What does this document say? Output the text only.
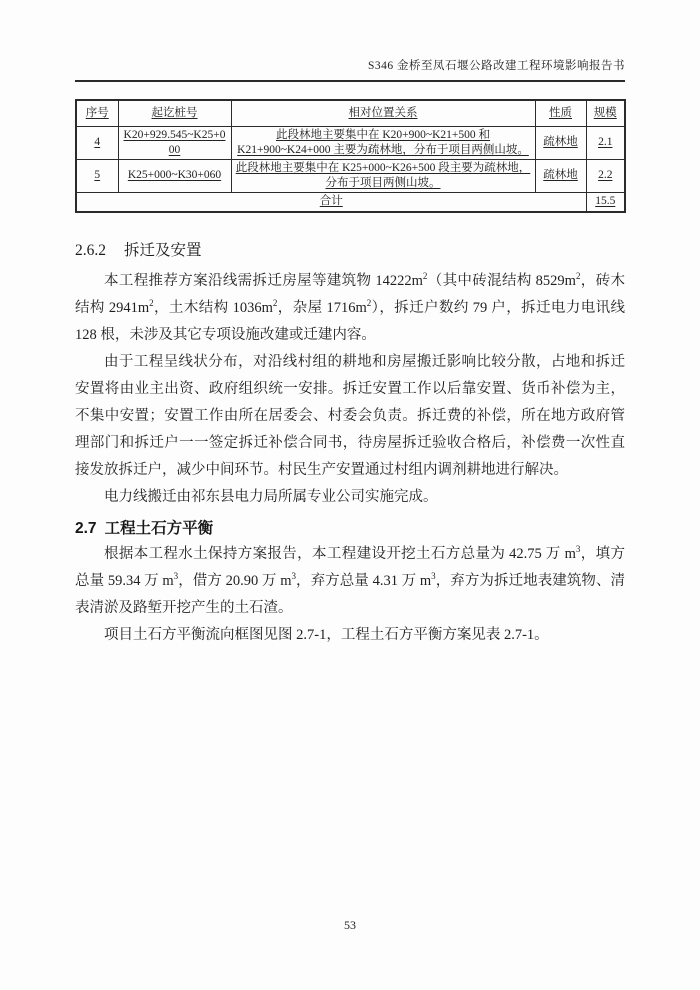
S346 金桥至凤石堰公路改建工程环境影响报告书
序号	起讫桩号	相对位置关系	性质	规模
4	K20+929.545~K25+000	此段林地主要集中在 K20+900~K21+500 和 K21+900~K24+000 主要为疏林地，分布于项目两侧山坡。	疏林地	2.1
5	K25+000~K30+060	此段林地主要集中在 K25+000~K26+500 段主要为疏林地，分布于项目两侧山坡。	疏林地	2.2
合计				15.5
2.6.2 拆迁及安置

本工程推荐方案沿线需拆迁房屋等建筑物 $14222m^2$（其中砖混结构 $8529m^2$，砖木结构 $2941m^2$，土木结构 $1036m^2$，杂屋 $1716m^2$），拆迁户数约 79 户，拆迁电力电讯线 128 根，未涉及其它专项设施改建或迁建内容。

由于工程呈线状分布，对沿线村组的耕地和房屋搬迁影响比较分散，占地和拆迁安置将由业主出资、政府组织统一安排。拆迁安置工作以后靠安置、货币补偿为主，不集中安置；安置工作由所在居委会、村委会负责。拆迁费的补偿，所在地方政府管理部门和拆迁户一一签定拆迁补偿合同书，待房屋拆迁验收合格后，补偿费一次性直接发放拆迁户，减少中间环节。村民生产安置通过村组内调剂耕地进行解决。

电力线搬迁由祁东县电力局所属专业公司实施完成。

2.7 工程土石方平衡

根据本工程水土保持方案报告，本工程建设开挖土石方总量为 42.75 万 $m^3$，填方总量 59.34 万 $m^3$，借方 20.90 万 $m^3$，弃方总量 4.31 万 $m^3$，弃方为拆迁地表建筑物、清表清淤及路堑开挖产生的土石渣。

项目土石方平衡流向框图见图 2.7-1，工程土石方平衡方案见表 2.7-1。

53
